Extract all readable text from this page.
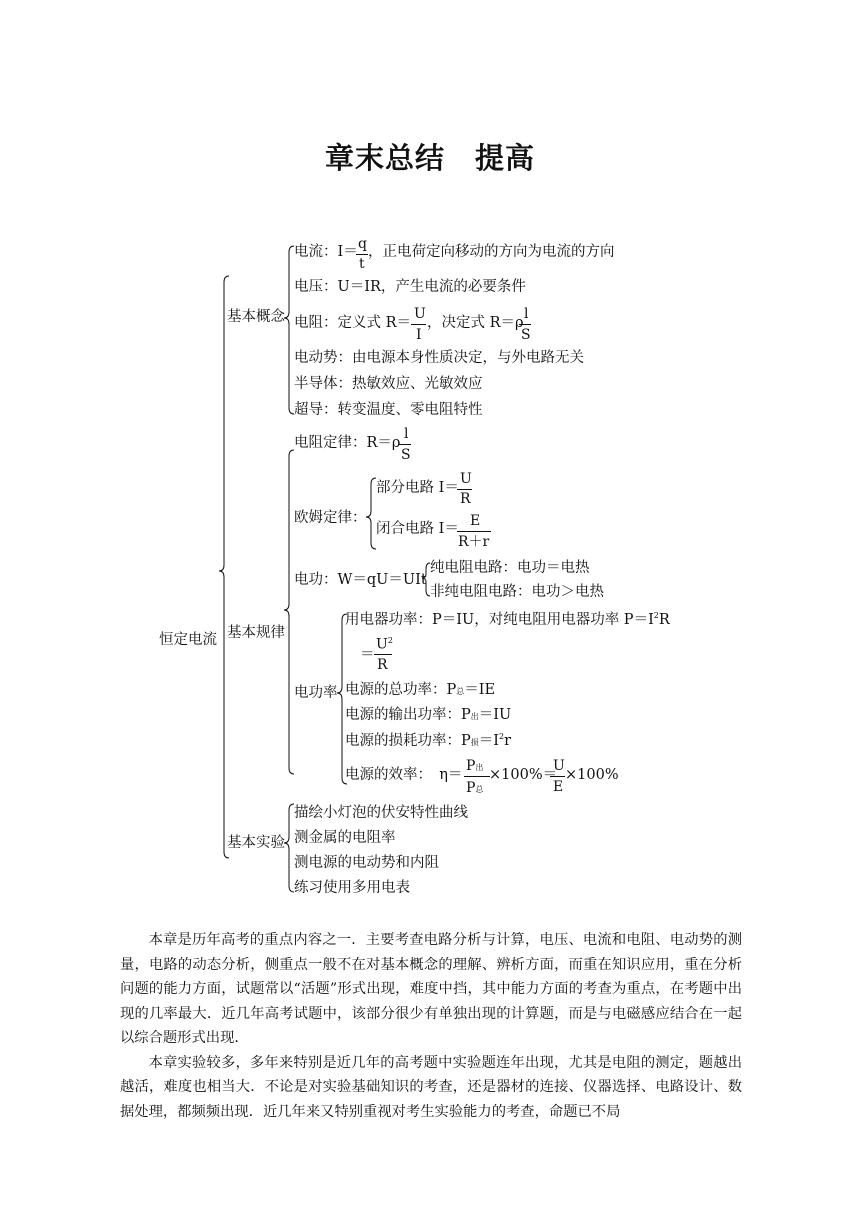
章末总结　提高
恒定电流
基本概念
基本规律
基本实验
电流：I＝ q
t
，正电荷定向移动的方向为电流的方向
电压：U＝IR，产生电流的必要条件
电阻：定义式 R＝
U
I
，决定式 R＝ρ
l
S
电动势：由电源本身性质决定，与外电路无关
半导体：热敏效应、光敏效应
超导：转变温度、零电阻特性
电阻定律：R＝ρ
l
S
欧姆定律：
部分电路 I＝
U
R
闭合电路 I＝ E
R＋r
电功：W＝qU＝UIt
纯电阻电路：电功＝电热
非纯电阻电路：电功＞电热
电功率
用电器功率：P＝IU，对纯电阻用电器功率 $P=I^2R$
＝
$U^2$
R
电源的总功率：P总＝IE
电源的输出功率：P出＝IU
电源的损耗功率：P损$=I^2r$
电源的效率：　η＝
P出
P总
×100%＝
U
E
×100%
描绘小灯泡的伏安特性曲线
测金属的电阻率
测电源的电动势和内阻
练习使用多用电表

本章是历年高考的重点内容之一．主要考查电路分析与计算，电压、电流和电阻、电动势的测量，电路的动态分析，侧重点一般不在对基本概念的理解、辨析方面，而重在知识应用，重在分析问题的能力方面，试题常以“活题”形式出现，难度中挡，其中能力方面的考查为重点，在考题中出现的几率最大．近几年高考试题中，该部分很少有单独出现的计算题，而是与电磁感应结合在一起以综合题形式出现．

本章实验较多，多年来特别是近几年的高考题中实验题连年出现，尤其是电阻的测定，题越出越活，难度也相当大．不论是对实验基础知识的考查，还是器材的连接、仪器选择、电路设计、数据处理，都频频出现．近几年来又特别重视对考生实验能力的考查，命题已不局
